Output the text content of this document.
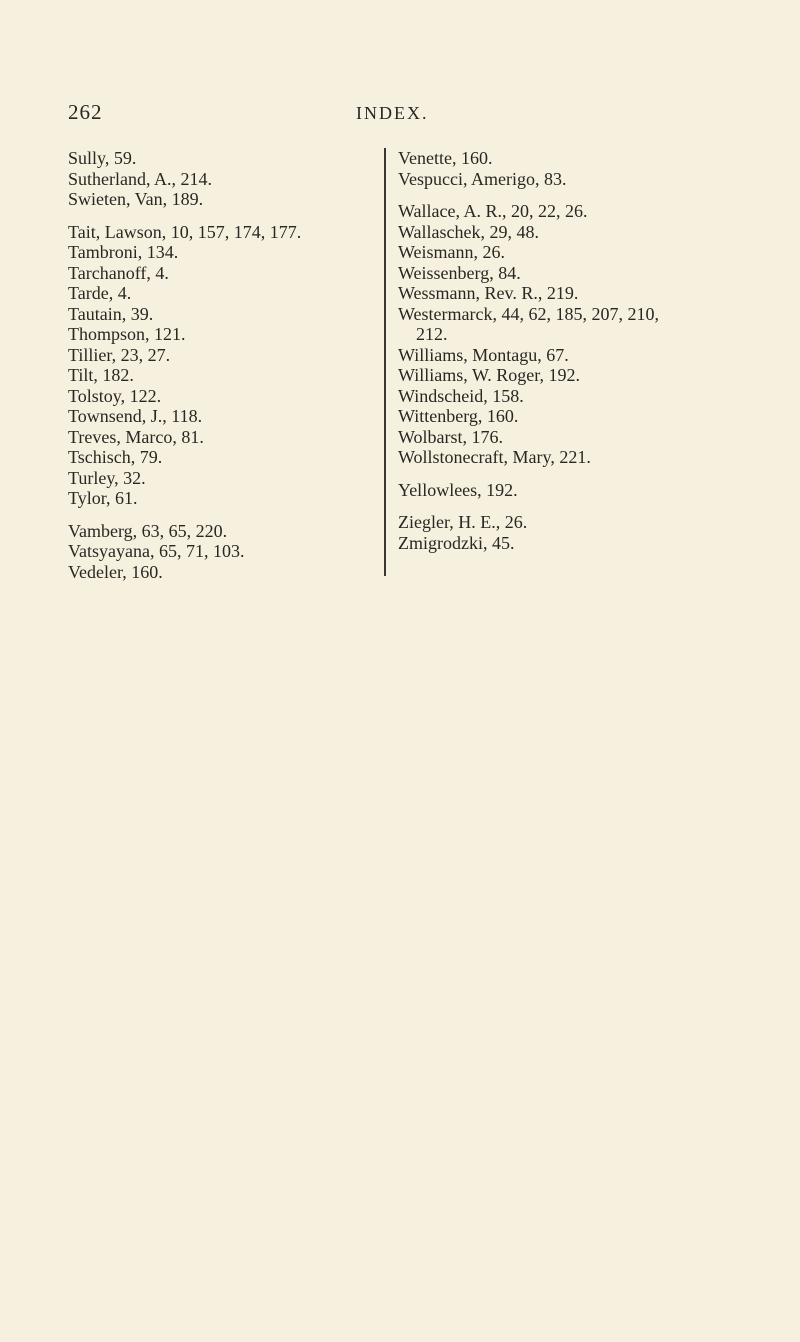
262	INDEX.
Sully, 59.
Sutherland, A., 214.
Swieten, Van, 189.
Tait, Lawson, 10, 157, 174, 177.
Tambroni, 134.
Tarchanoff, 4.
Tarde, 4.
Tautain, 39.
Thompson, 121.
Tillier, 23, 27.
Tilt, 182.
Tolstoy, 122.
Townsend, J., 118.
Treves, Marco, 81.
Tschisch, 79.
Turley, 32.
Tylor, 61.
Vamberg, 63, 65, 220.
Vatsyayana, 65, 71, 103.
Vedeler, 160.
Venette, 160.
Vespucci, Amerigo, 83.
Wallace, A. R., 20, 22, 26.
Wallaschek, 29, 48.
Weismann, 26.
Weissenberg, 84.
Wessmann, Rev. R., 219.
Westermarck, 44, 62, 185, 207, 210,
212.
Williams, Montagu, 67.
Williams, W. Roger, 192.
Windscheid, 158.
Wittenberg, 160.
Wolbarst, 176.
Wollstonecraft, Mary, 221.
Yellowlees, 192.
Ziegler, H. E., 26.
Zmigrodzki, 45.
